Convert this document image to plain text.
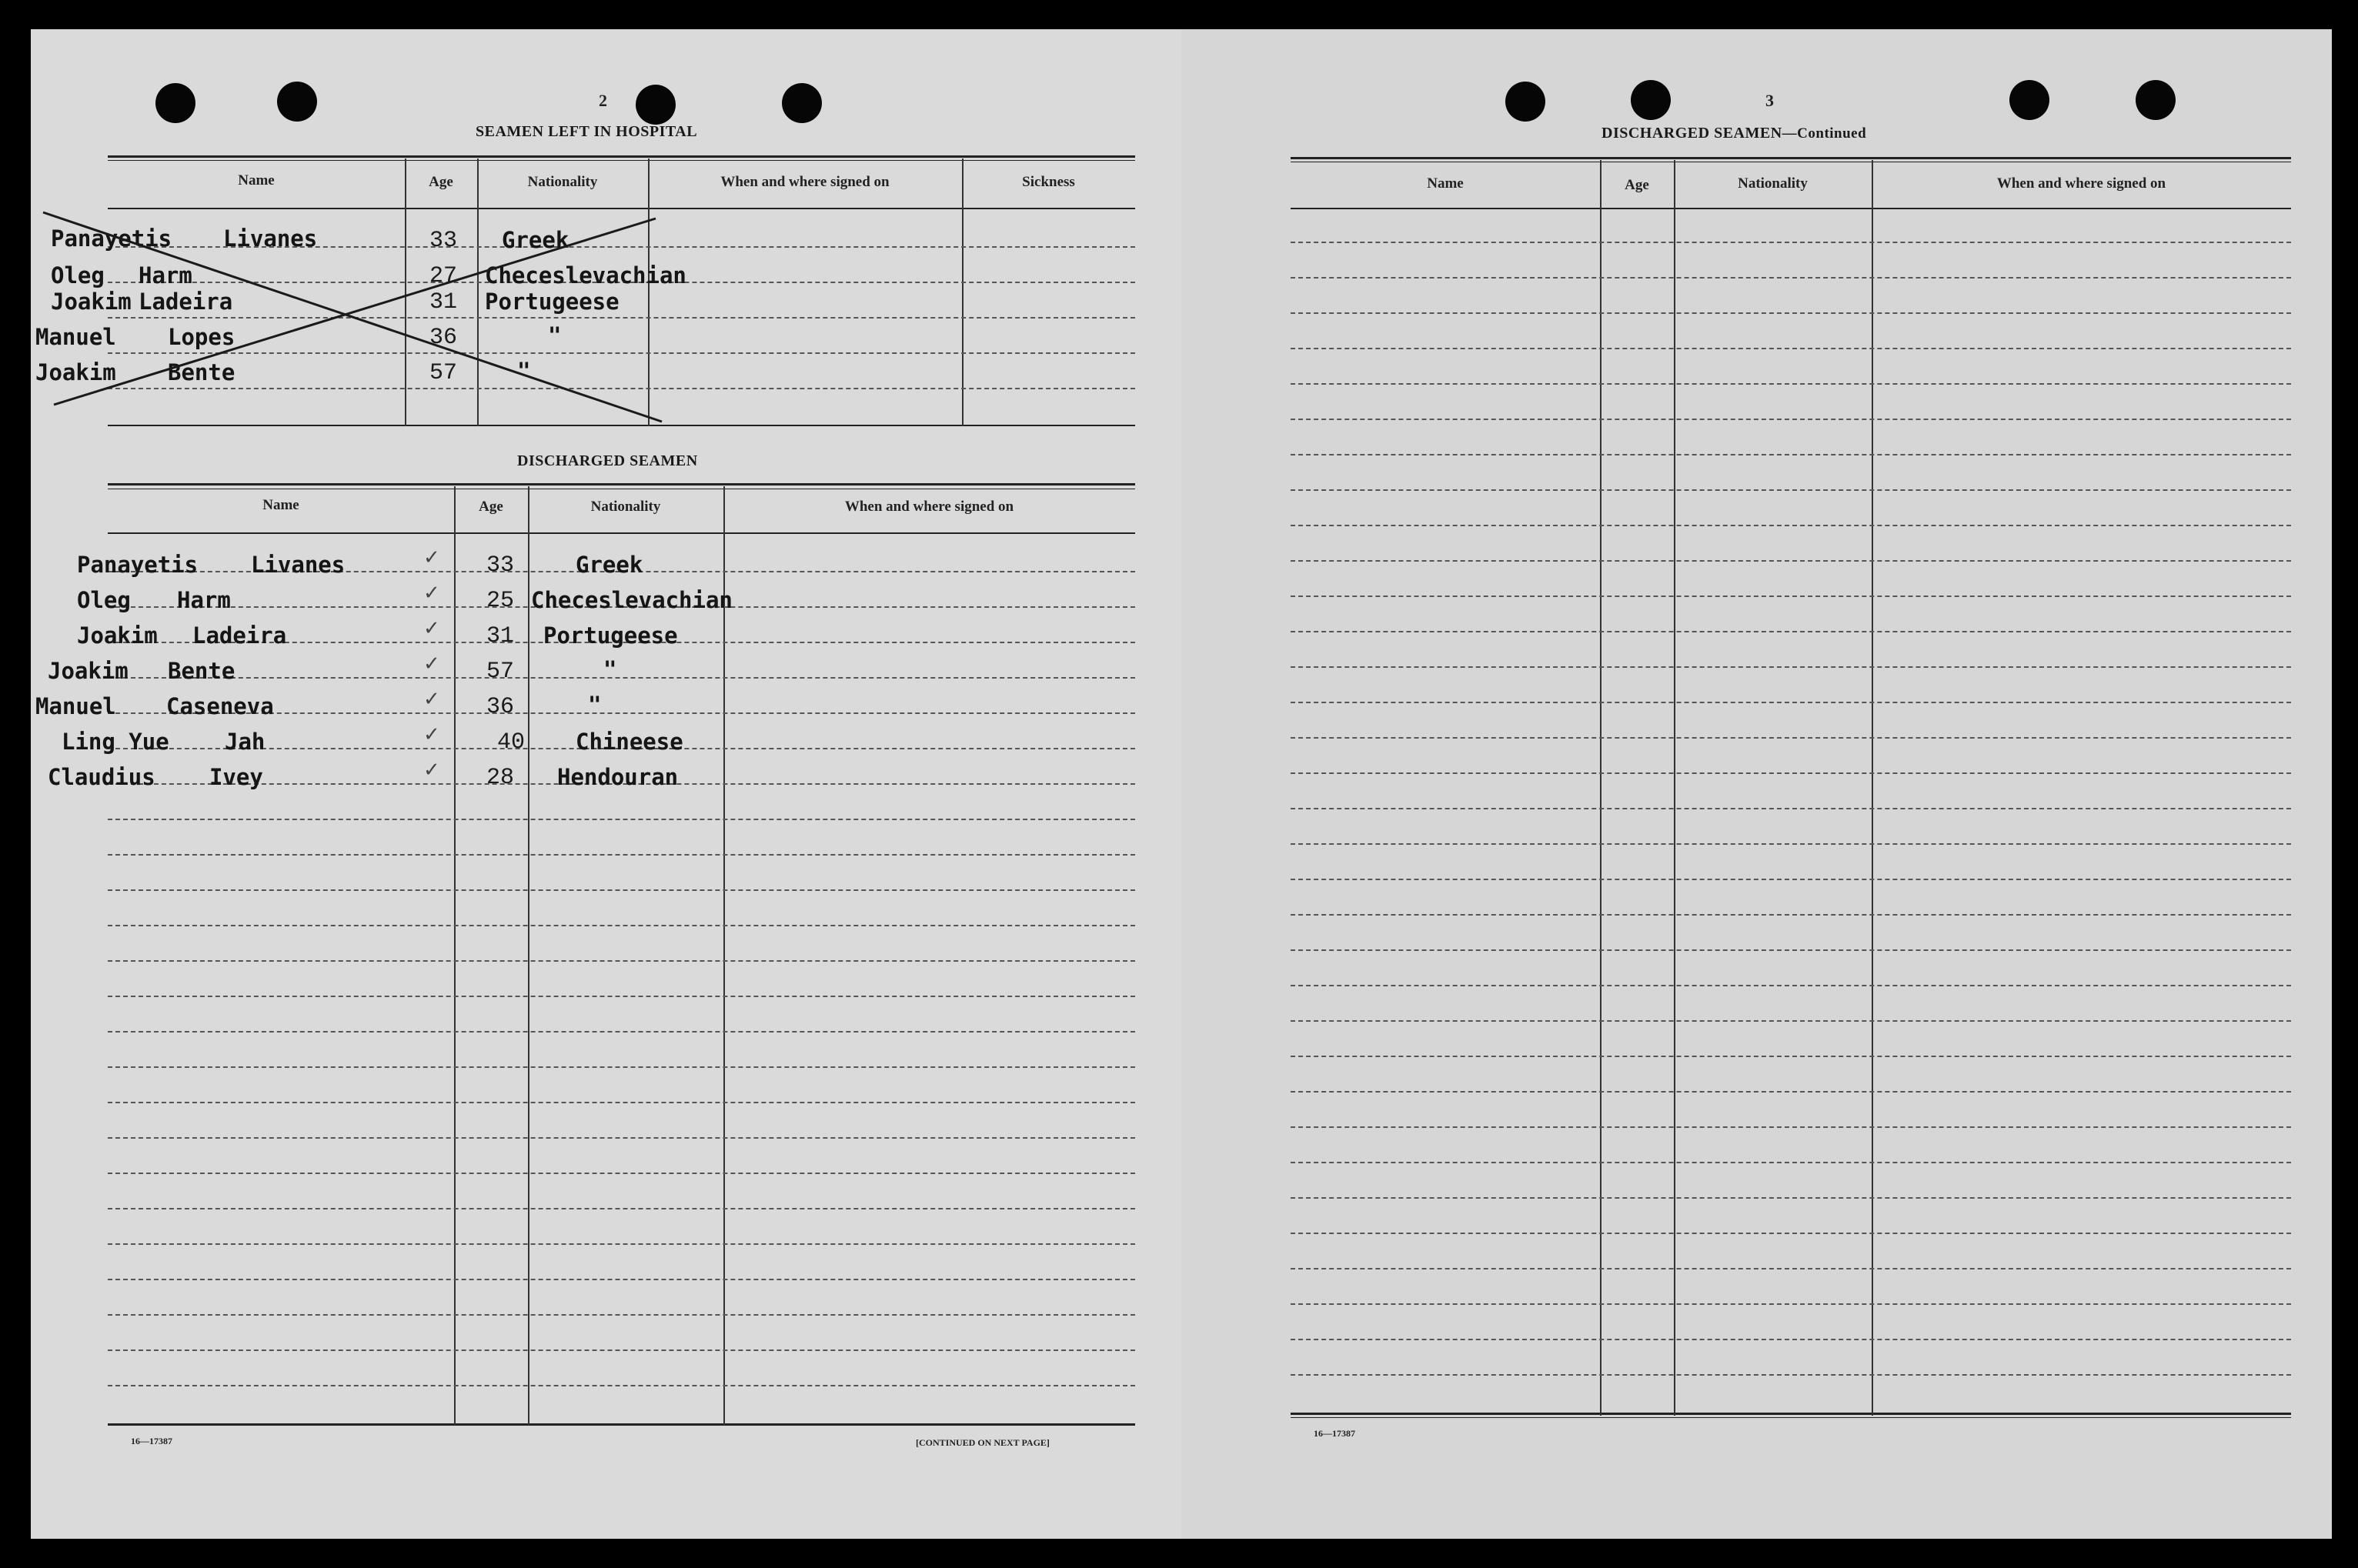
2
SEAMEN LEFT IN HOSPITAL
Name	Age	Nationality	When and where signed on	Sickness
Panayetis Livanes	33 Greek
Oleg Harm	27 Checeslevachian
Joakim Ladeira	31 Portugeese
Manuel Lopes	36	"
Joakim Bente	57	"
DISCHARGED SEAMEN
Name	Age	Nationality	When and where signed on
Panayetis Livanes	✓ 33	Greek
Oleg Harm	✓ 25 Checeslevachian
Joakim Ladeira	✓ 31 Portugeese
Joakim Bente	✓ 57	"
Manuel Caseneva	✓ 36	"
Ling Yue Jah	✓ 40 Chineese
Claudius Ivey	✓ 28 Hendouran
16—17387	[CONTINUED ON NEXT PAGE]
3
DISCHARGED SEAMEN—Continued
Name	Age	Nationality	When and where signed on
16—17387
